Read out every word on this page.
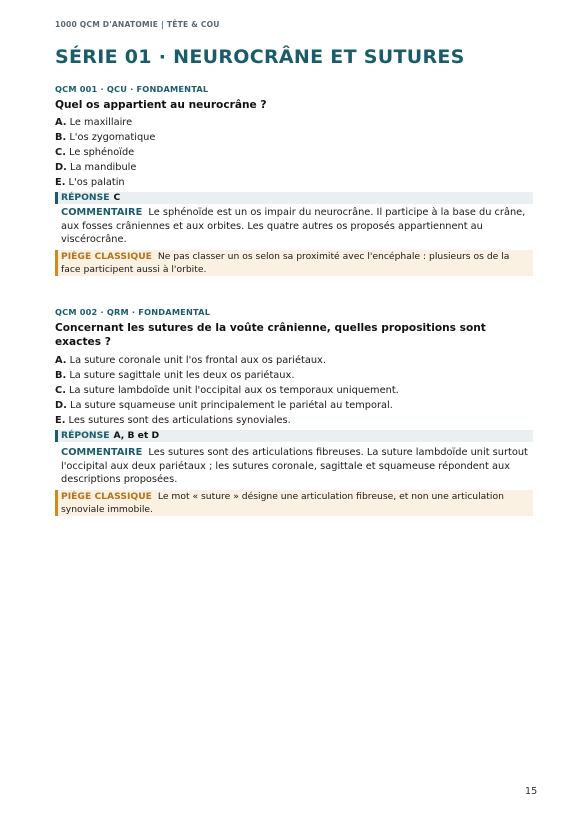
1000 QCM D'ANATOMIE | TÊTE & COU
SÉRIE 01 · NEUROCRÂNE ET SUTURES
QCM 001 · QCU · FONDAMENTAL
Quel os appartient au neurocrâne ?
A. Le maxillaire
B. L'os zygomatique
C. Le sphénoïde
D. La mandibule
E. L'os palatin
RÉPONSE C
COMMENTAIRE Le sphénoïde est un os impair du neurocrâne. Il participe à la base du crâne, aux fosses crâniennes et aux orbites. Les quatre autres os proposés appartiennent au viscérocrâne.
PIÈGE CLASSIQUE Ne pas classer un os selon sa proximité avec l'encéphale : plusieurs os de la face participent aussi à l'orbite.
QCM 002 · QRM · FONDAMENTAL
Concernant les sutures de la voûte crânienne, quelles propositions sont exactes ?
A. La suture coronale unit l'os frontal aux os pariétaux.
B. La suture sagittale unit les deux os pariétaux.
C. La suture lambdoïde unit l'occipital aux os temporaux uniquement.
D. La suture squameuse unit principalement le pariétal au temporal.
E. Les sutures sont des articulations synoviales.
RÉPONSE A, B et D
COMMENTAIRE Les sutures sont des articulations fibreuses. La suture lambdoïde unit surtout l'occipital aux deux pariétaux ; les sutures coronale, sagittale et squameuse répondent aux descriptions proposées.
PIÈGE CLASSIQUE Le mot « suture » désigne une articulation fibreuse, et non une articulation synoviale immobile.
15
